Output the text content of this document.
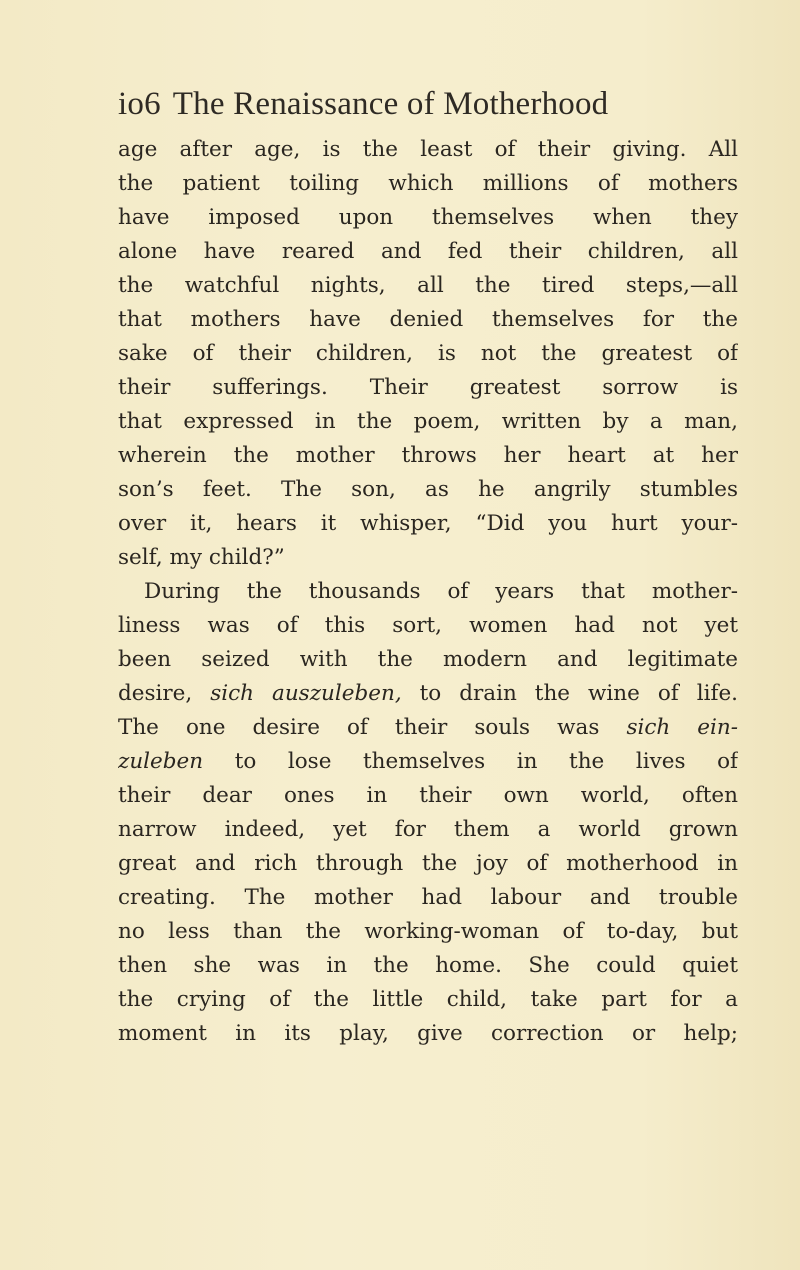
io6 The Renaissance of Motherhood
age after age, is the least of their giving. All
the patient toiling which millions of mothers
have imposed upon themselves when they
alone have reared and fed their children, all
the watchful nights, all the tired steps,—all
that mothers have denied themselves for the
sake of their children, is not the greatest of
their sufferings. Their greatest sorrow is
that expressed in the poem, written by a man,
wherein the mother throws her heart at her
son’s feet. The son, as he angrily stumbles
over it, hears it whisper, “Did you hurt your-
self, my child?”
During the thousands of years that mother-
liness was of this sort, women had not yet
been seized with the modern and legitimate
desire, sich auszuleben, to drain the wine of life.
The one desire of their souls was sich ein-
zuleben to lose themselves in the lives of
their dear ones in their own world, often
narrow indeed, yet for them a world grown
great and rich through the joy of motherhood in
creating. The mother had labour and trouble
no less than the working-woman of to-day, but
then she was in the home. She could quiet
the crying of the little child, take part for a
moment in its play, give correction or help;
